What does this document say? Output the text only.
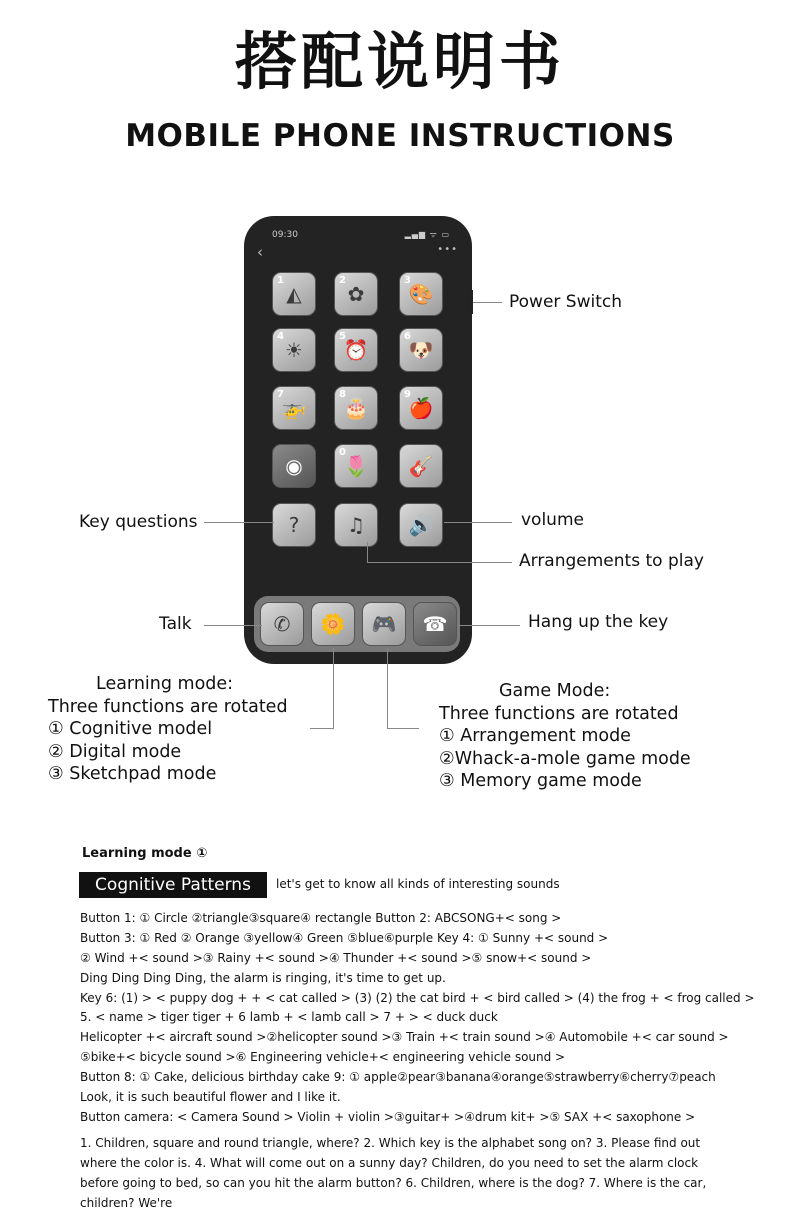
搭配说明书
MOBILE PHONE INSTRUCTIONS
09:30	▂▄▆ ᯤ ▭
‹	•••
1
◭
2
✿
3
🎨
4
☀
5
⏰
6
🐶
7
🚁
8
🎂
9
🍎
◉
0
🌷 🎸
? ♫ 🔊
✆ 🌼 🎮 ☎
Power Switch
Key questions	volume
Arrangements to play
Talk	Hang up the key
Learning mode:
Three functions are rotated
① Cognitive model
② Digital mode
③ Sketchpad mode
Game Mode:
Three functions are rotated
① Arrangement mode
②Whack-a-mole game mode
③ Memory game mode
Learning mode ①
Cognitive Patterns	let's get to know all kinds of interesting sounds
Button 1: ① Circle ②triangle③square④ rectangle Button 2: ABCSONG+< song >
Button 3: ① Red ② Orange ③yellow④ Green ⑤blue⑥purple Key 4: ① Sunny +< sound >
② Wind +< sound >③ Rainy +< sound >④ Thunder +< sound >⑤ snow+< sound >
Ding Ding Ding Ding, the alarm is ringing, it's time to get up.
Key 6: (1) > < puppy dog + + < cat called > (3) (2) the cat bird + < bird called > (4) the frog + < frog called >
5. < name > tiger tiger + 6 lamb + < lamb call > 7 + > < duck duck
Helicopter +< aircraft sound >②helicopter sound >③ Train +< train sound >④ Automobile +< car sound >
⑤bike+< bicycle sound >⑥ Engineering vehicle+< engineering vehicle sound >
Button 8: ① Cake, delicious birthday cake 9: ① apple②pear③banana④orange⑤strawberry⑥cherry⑦peach
Look, it is such beautiful flower and I like it.
Button camera: < Camera Sound > Violin + violin >③guitar+ >④drum kit+ >⑤ SAX +< saxophone >
1. Children, square and round triangle, where? 2. Which key is the alphabet song on? 3. Please find out where the color is. 4. What will come out on a sunny day? Children, do you need to set the alarm clock before going to bed, so can you hit the alarm button? 6. Children, where is the dog? 7. Where is the car, children? We're
